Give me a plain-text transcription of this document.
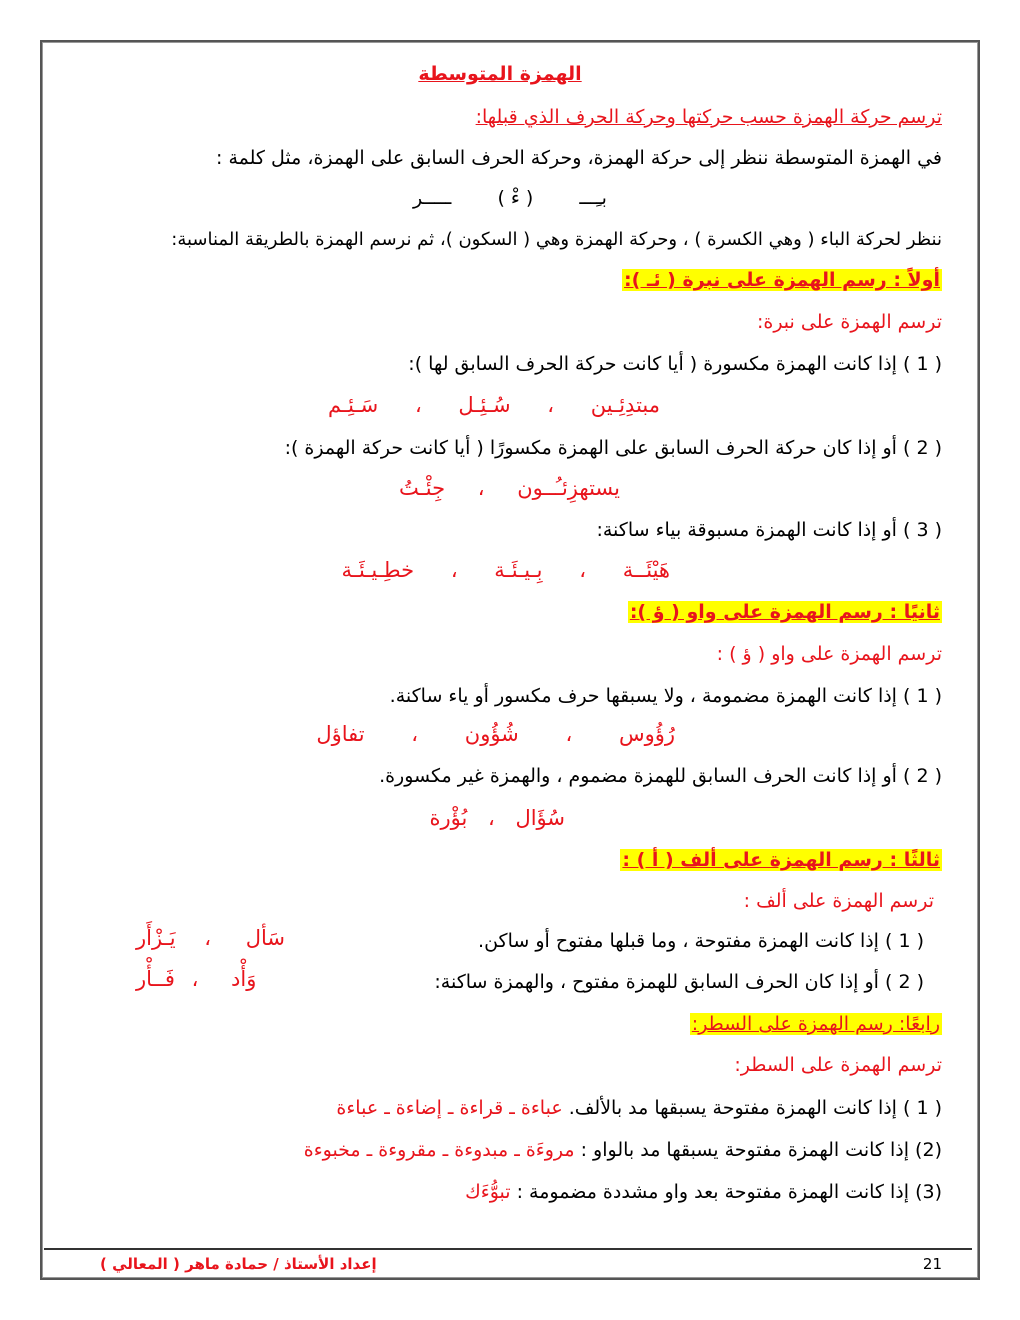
الهمزة المتوسطة
ترسم حركة الهمزة حسب حركتها وحركة الحرف الذي قبلها:
في الهمزة المتوسطة ننظر إلى حركة الهمزة، وحركة الحرف السابق على الهمزة، مثل كلمة :
بـِـــ  ( ءْ )  ـــــر
ننظر لحركة الباء ( وهي الكسرة ) ، وحركة الهمزة وهي ( السكون )، ثم نرسم الهمزة بالطريقة المناسبة:
أولاً : رسم الهمزة على نبرة ( ئـ ):
ترسم الهمزة على نبرة:
( 1 ) إذا كانت الهمزة مكسورة ( أيا كانت حركة الحرف السابق لها ):
مبتدِئِـين ، سُـئِـل ، سَـئِـم
( 2 ) أو إذا كان حركة الحرف السابق على الهمزة مكسورًا ( أيا كانت حركة الهمزة ):
يستهزِئـُــون ، جِئْـتُ
( 3 ) أو إذا كانت الهمزة مسبوقة بياء ساكنة:
هَيْئَــة ، بِـيـئَـة ، خطِـيـئَـة
ثانيًا : رسم الهمزة على واو ( ؤ ):
ترسم الهمزة على واو ( ؤ ) :
( 1 ) إذا كانت الهمزة مضمومة ، ولا يسبقها حرف مكسور أو ياء ساكنة.
رُؤُوس ، شُؤُون ، تفاؤل
( 2 ) أو إذا كانت الحرف السابق للهمزة مضموم ، والهمزة غير مكسورة.
سُؤَال ، بُؤْرة
ثالثًا : رسم الهمزة على ألف ( أ ) :
ترسم الهمزة على ألف :
( 1 ) إذا كانت الهمزة مفتوحة ، وما قبلها مفتوح أو ساكن.
سَأل ، يَـزْأَر
( 2 ) أو إذا كان الحرف السابق للهمزة مفتوح ، والهمزة ساكنة:
وَأْد ، فَــأْر
رابعًا: رسم الهمزة على السطر:
ترسم الهمزة على السطر:
( 1 ) إذا كانت الهمزة مفتوحة يسبقها مد بالألف. عباءة ـ قراءة ـ إضاءة ـ عباءة
(2) إذا كانت الهمزة مفتوحة يسبقها مد بالواو : مروءَة ـ مبدوءة ـ مقروءة ـ مخبوءة
(3) إذا كانت الهمزة مفتوحة بعد واو مشددة مضمومة : تبوُّءَك
21
إعداد الأستاذ / حمادة ماهر ( المعالي )
